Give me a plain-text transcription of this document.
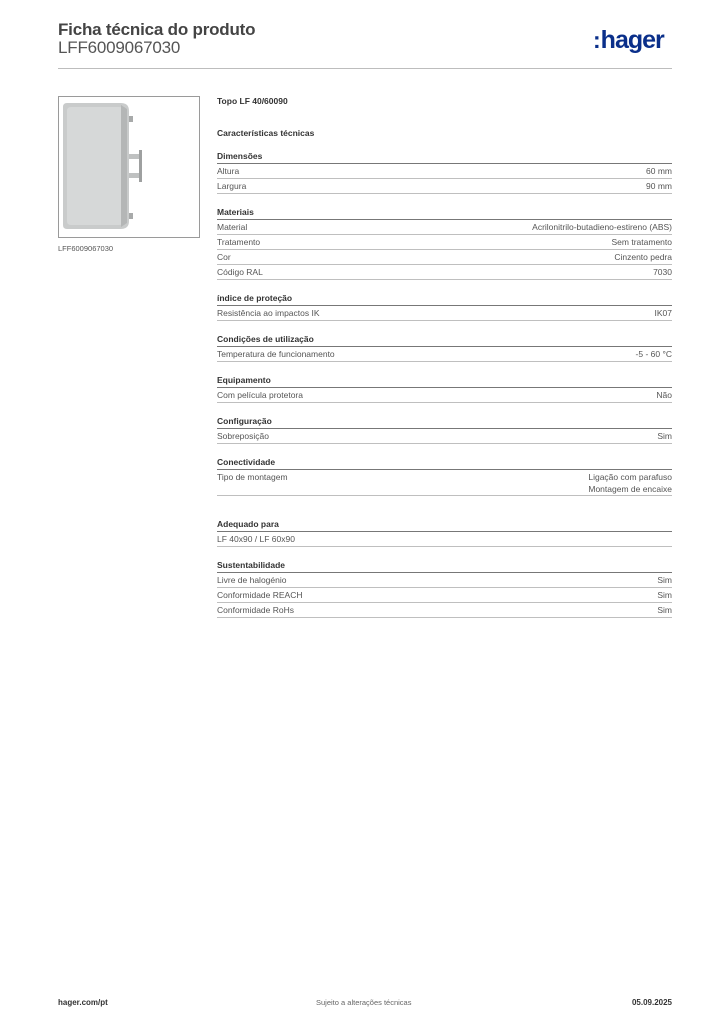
Ficha técnica do produto
LFF6009067030	:hager
LFF6009067030
Topo LF 40/60090
Características técnicas
Dimensões
Altura	60 mm
Largura	90 mm
Materiais
Material	Acrilonitrilo-butadieno-estireno (ABS)
Tratamento	Sem tratamento
Cor	Cinzento pedra
Código RAL	7030
índice de proteção
Resistência ao impactos IK	IK07
Condições de utilização
Temperatura de funcionamento	-5 - 60 °C
Equipamento
Com película protetora	Não
Configuração
Sobreposição	Sim
Conectividade
Tipo de montagem	Ligação com parafuso
Montagem de encaixe
Adequado para
LF 40x90 / LF 60x90
Sustentabilidade
Livre de halogénio	Sim
Conformidade REACH	Sim
Conformidade RoHs	Sim
hager.com/pt	Sujeito a alterações técnicas	05.09.2025
